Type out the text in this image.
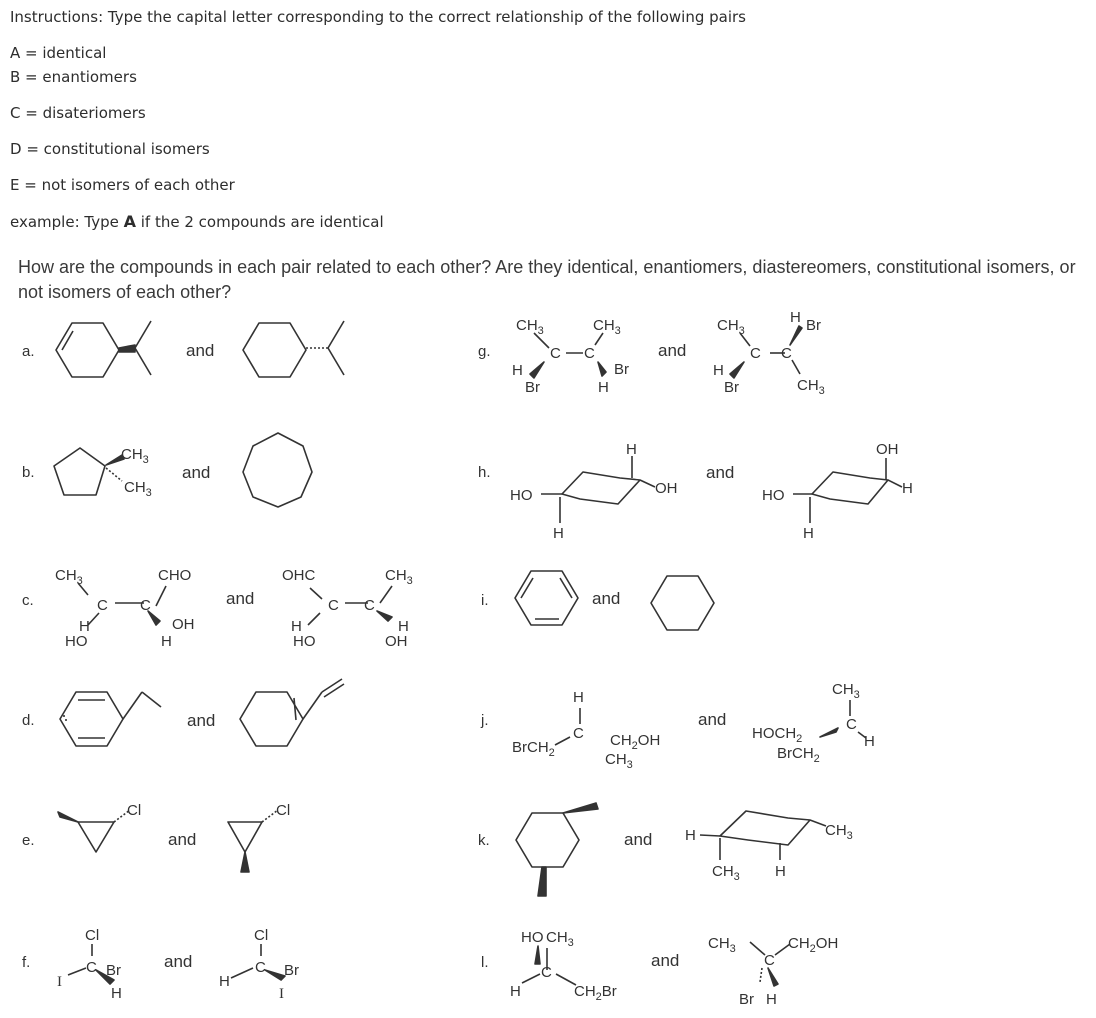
Instructions: Type the capital letter corresponding to the correct relationship of the following pairs
A = identical
B = enantiomers
C = disateriomers
D = constitutional isomers
E = not isomers of each other
example: Type A if the 2 compounds are identical
How are the compounds in each pair related to each other? Are they identical, enantiomers, diastereomers, constitutional isomers, or not isomers of each other?
a.
b.
c.
d.
e.
f.
g.
h.
i.
j.
k.
l.
and
and
and
and
and
and
and
and
and
and
and
and
$CH_3$
$CH_3$
$CH_3$	CHO
C C
H
HO
OH
H
OHC	$CH_3$
C C
H
HO
H
OH
Cl	Cl
Cl
C Br
H
I
Cl
C Br
H
I
$CH_3$	$CH_3$
C C
H
Br
Br
H
$CH_3$
H Br
C C
H
Br	$CH_3$
H
HO	OH
H
OH
HO	H
H
H
C $CH_2OH$
BrCH$_2$	$CH_3$
$CH_3$
C
$HOCH_2$	H
BrCH$_2$
H	$CH_3$
$CH_3$ H
HO $CH_3$
C
H	$CH_2Br$
$CH_3$	$CH_2OH$
C
Br H
